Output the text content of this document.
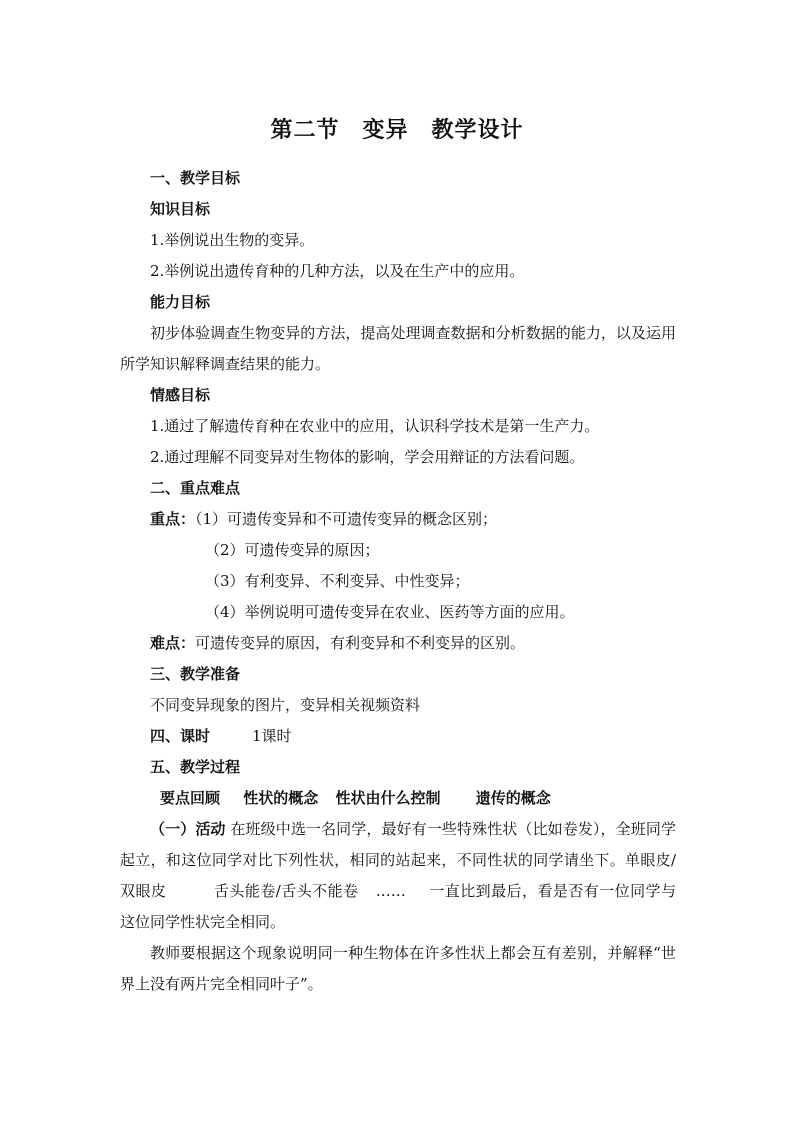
第二节　变异　教学设计
一、教学目标
知识目标
1.举例说出生物的变异。
2.举例说出遗传育种的几种方法，以及在生产中的应用。
能力目标
初步体验调查生物变异的方法，提高处理调查数据和分析数据的能力，以及运用所学知识解释调查结果的能力。
情感目标
1.通过了解遗传育种在农业中的应用，认识科学技术是第一生产力。
2.通过理解不同变异对生物体的影响，学会用辩证的方法看问题。
二、重点难点
重点：（1）可遗传变异和不可遗传变异的概念区别；
（2）可遗传变异的原因；
（3）有利变异、不利变异、中性变异；
（4）举例说明可遗传变异在农业、医药等方面的应用。
难点：可遗传变异的原因，有利变异和不利变异的区别。
三、教学准备
不同变异现象的图片，变异相关视频资料
四、课时	1课时
五、教学过程
要点回顾 性状的概念 性状由什么控制 遗传的概念
（一）活动 在班级中选一名同学，最好有一些特殊性状（比如卷发），全班同学起立，和这位同学对比下列性状，相同的站起来，不同性状的同学请坐下。单眼皮/双眼皮	舌头能卷/舌头不能卷 …… 一直比到最后，看是否有一位同学与这位同学性状完全相同。
教师要根据这个现象说明同一种生物体在许多性状上都会互有差别，并解释“世界上没有两片完全相同叶子”。
